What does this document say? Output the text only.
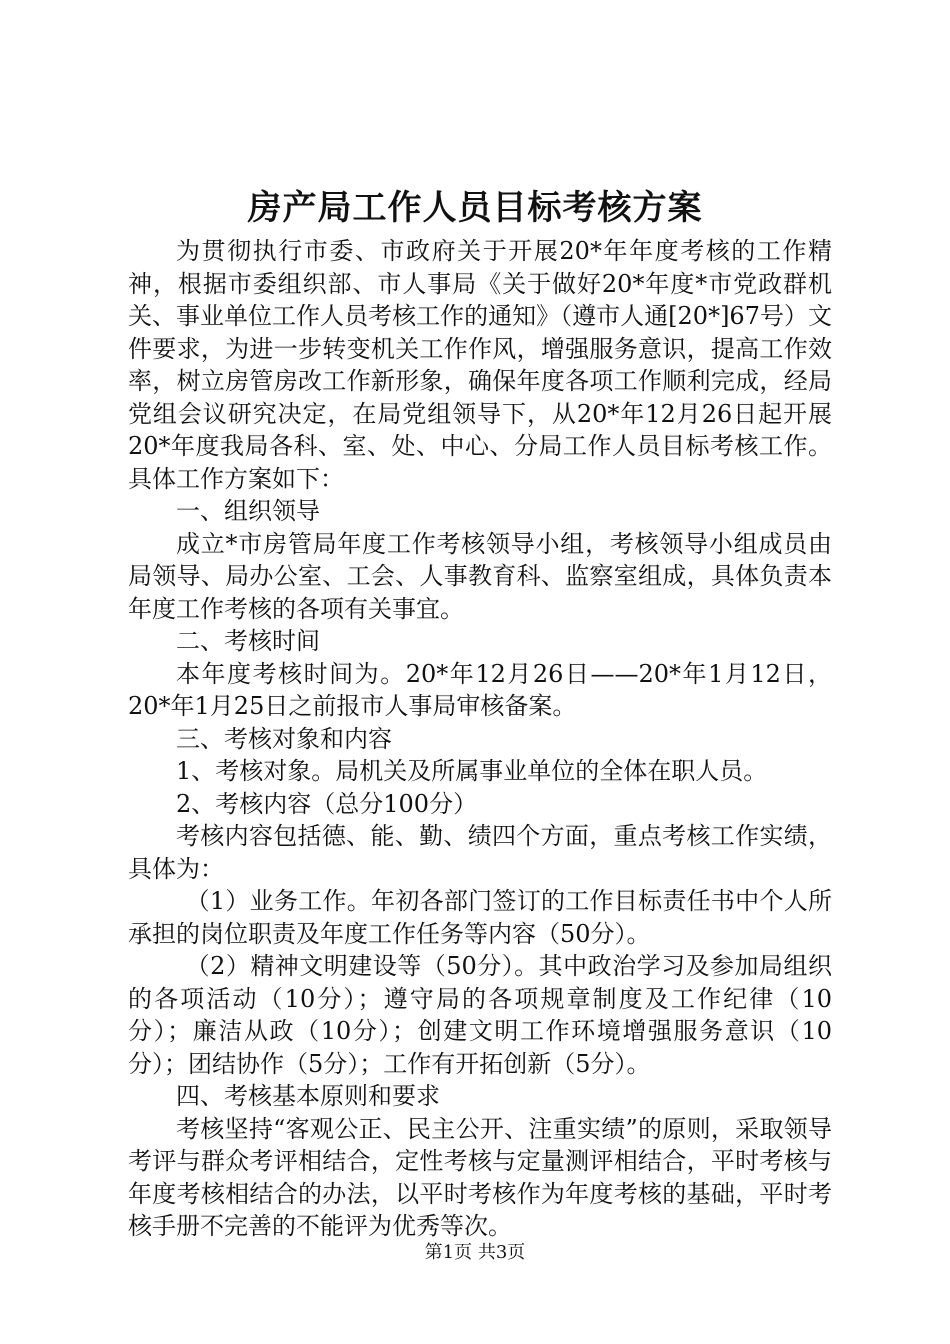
房产局工作人员目标考核方案

为贯彻执行市委、市政府关于开展20*年年度考核的工作精神，根据市委组织部、市人事局《关于做好20*年度*市党政群机关、事业单位工作人员考核工作的通知》（遵市人通[20*]67号）文件要求，为进一步转变机关工作作风，增强服务意识，提高工作效率，树立房管房改工作新形象，确保年度各项工作顺利完成，经局党组会议研究决定，在局党组领导下，从20*年12月26日起开展20*年度我局各科、室、处、中心、分局工作人员目标考核工作。具体工作方案如下：

一、组织领导

成立*市房管局年度工作考核领导小组，考核领导小组成员由局领导、局办公室、工会、人事教育科、监察室组成，具体负责本年度工作考核的各项有关事宜。

二、考核时间

本年度考核时间为。20*年12月26日——20*年1月12日，20*年1月25日之前报市人事局审核备案。

三、考核对象和内容

1、考核对象。局机关及所属事业单位的全体在职人员。

2、考核内容（总分100分）

考核内容包括德、能、勤、绩四个方面，重点考核工作实绩，具体为：

（1）业务工作。年初各部门签订的工作目标责任书中个人所承担的岗位职责及年度工作任务等内容（50分）。

（2）精神文明建设等（50分）。其中政治学习及参加局组织的各项活动（10分）；遵守局的各项规章制度及工作纪律（10分）；廉洁从政（10分）；创建文明工作环境增强服务意识（10分）；团结协作（5分）；工作有开拓创新（5分）。

四、考核基本原则和要求

考核坚持“客观公正、民主公开、注重实绩”的原则，采取领导考评与群众考评相结合，定性考核与定量测评相结合，平时考核与年度考核相结合的办法，以平时考核作为年度考核的基础，平时考核手册不完善的不能评为优秀等次。

第1页 共3页
